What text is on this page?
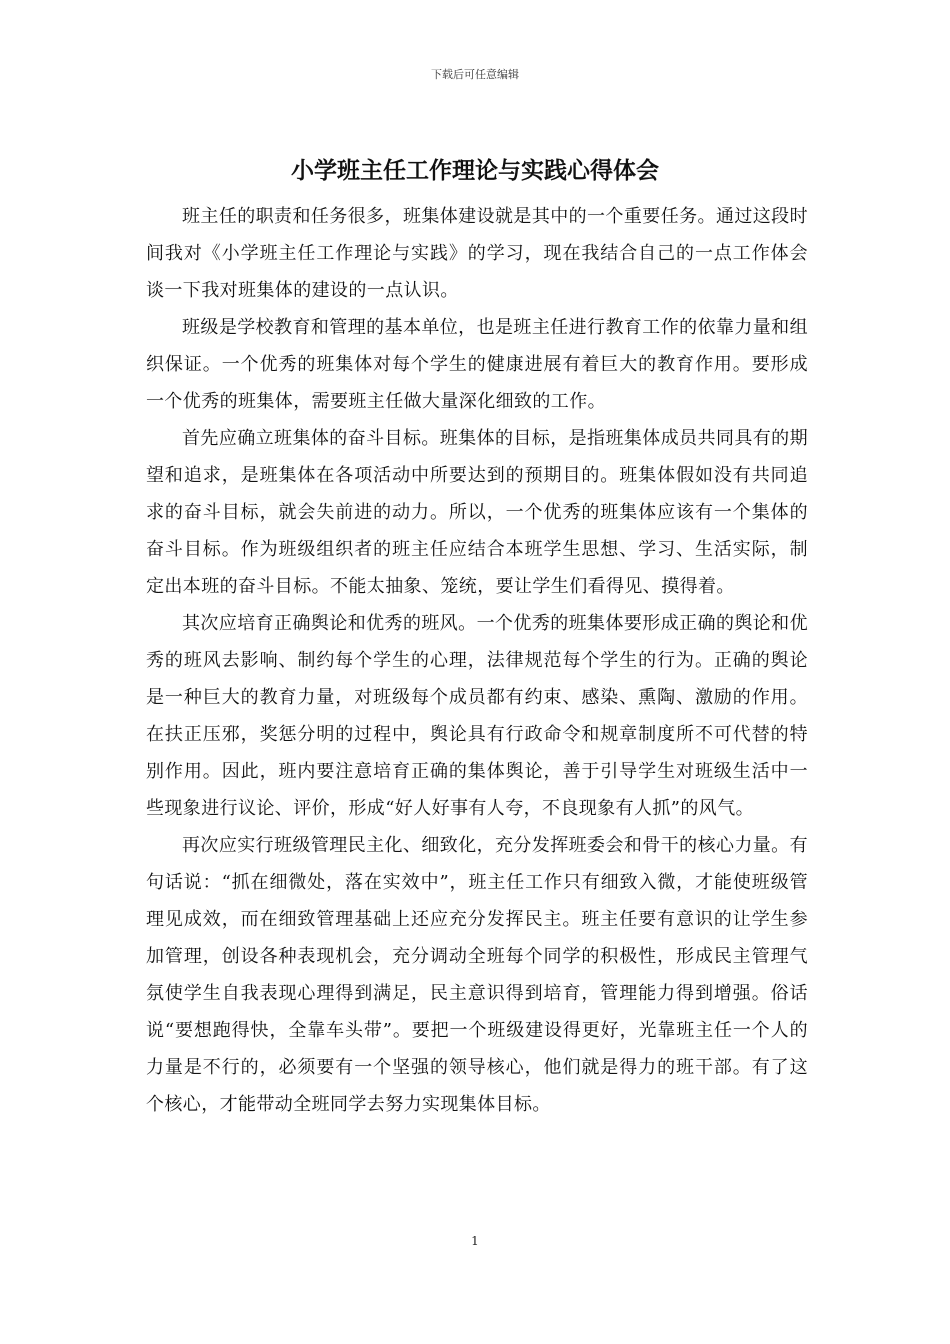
下载后可任意编辑
小学班主任工作理论与实践心得体会

班主任的职责和任务很多，班集体建设就是其中的一个重要任务。通过这段时间我对《小学班主任工作理论与实践》的学习，现在我结合自己的一点工作体会谈一下我对班集体的建设的一点认识。

班级是学校教育和管理的基本单位，也是班主任进行教育工作的依靠力量和组织保证。一个优秀的班集体对每个学生的健康进展有着巨大的教育作用。要形成一个优秀的班集体，需要班主任做大量深化细致的工作。

首先应确立班集体的奋斗目标。班集体的目标，是指班集体成员共同具有的期望和追求，是班集体在各项活动中所要达到的预期目的。班集体假如没有共同追求的奋斗目标，就会失前进的动力。所以，一个优秀的班集体应该有一个集体的奋斗目标。作为班级组织者的班主任应结合本班学生思想、学习、生活实际，制定出本班的奋斗目标。不能太抽象、笼统，要让学生们看得见、摸得着。

其次应培育正确舆论和优秀的班风。一个优秀的班集体要形成正确的舆论和优秀的班风去影响、制约每个学生的心理，法律规范每个学生的行为。正确的舆论是一种巨大的教育力量，对班级每个成员都有约束、感染、熏陶、激励的作用。在扶正压邪，奖惩分明的过程中，舆论具有行政命令和规章制度所不可代替的特别作用。因此，班内要注意培育正确的集体舆论，善于引导学生对班级生活中一些现象进行议论、评价，形成“好人好事有人夸，不良现象有人抓”的风气。

再次应实行班级管理民主化、细致化，充分发挥班委会和骨干的核心力量。有句话说：“抓在细微处，落在实效中”，班主任工作只有细致入微，才能使班级管理见成效，而在细致管理基础上还应充分发挥民主。班主任要有意识的让学生参加管理，创设各种表现机会，充分调动全班每个同学的积极性，形成民主管理气氛使学生自我表现心理得到满足，民主意识得到培育，管理能力得到增强。俗话说“要想跑得快，全靠车头带”。要把一个班级建设得更好，光靠班主任一个人的力量是不行的，必须要有一个坚强的领导核心，他们就是得力的班干部。有了这个核心，才能带动全班同学去努力实现集体目标。

1
